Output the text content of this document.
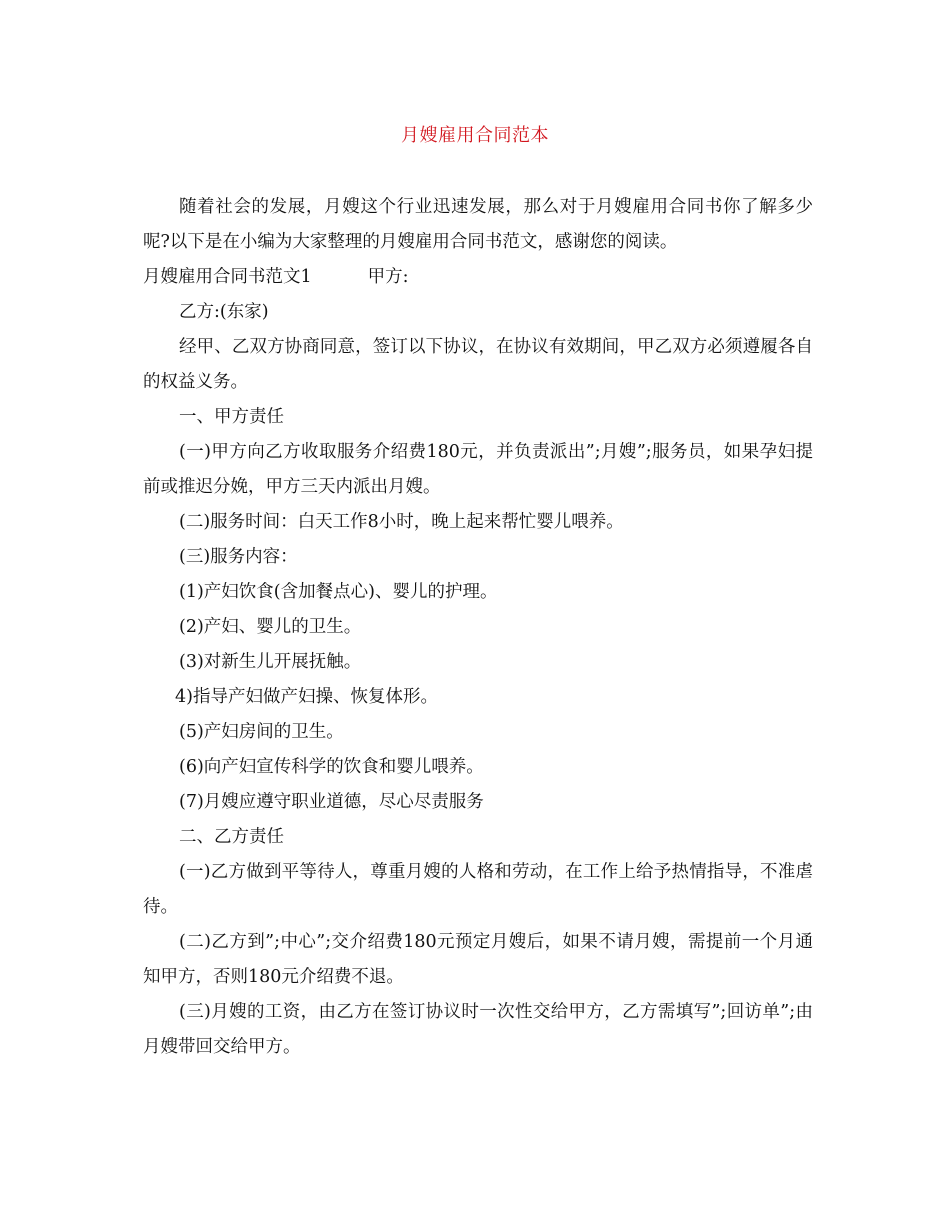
月嫂雇用合同范本

随着社会的发展，月嫂这个行业迅速发展，那么对于月嫂雇用合同书你了解多少呢?以下是在小编为大家整理的月嫂雇用合同书范文，感谢您的阅读。

月嫂雇用合同书范文1	甲方:

乙方:(东家)

经甲、乙双方协商同意，签订以下协议，在协议有效期间，甲乙双方必须遵履各自的权益义务。

一、甲方责任

(一)甲方向乙方收取服务介绍费180元，并负责派出”;月嫂”;服务员，如果孕妇提前或推迟分娩，甲方三天内派出月嫂。

(二)服务时间：白天工作8小时，晚上起来帮忙婴儿喂养。

(三)服务内容：

(1)产妇饮食(含加餐点心)、婴儿的护理。

(2)产妇、婴儿的卫生。

(3)对新生儿开展抚触。

4)指导产妇做产妇操、恢复体形。

(5)产妇房间的卫生。

(6)向产妇宣传科学的饮食和婴儿喂养。

(7)月嫂应遵守职业道德，尽心尽责服务

二、乙方责任

(一)乙方做到平等待人，尊重月嫂的人格和劳动，在工作上给予热情指导，不准虐待。

(二)乙方到”;中心”;交介绍费180元预定月嫂后，如果不请月嫂，需提前一个月通知甲方，否则180元介绍费不退。

(三)月嫂的工资，由乙方在签订协议时一次性交给甲方，乙方需填写”;回访单”;由月嫂带回交给甲方。
